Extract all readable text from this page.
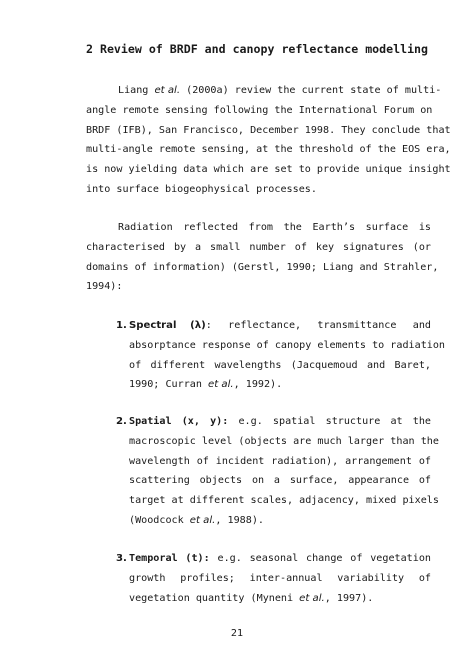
2 Review of BRDF and canopy reflectance modelling
Liang et al. (2000a) review the current state of multi-
angle remote sensing following the International Forum on
BRDF (IFB), San Francisco, December 1998. They conclude that
multi-angle remote sensing, at the threshold of the EOS era,
is now yielding data which are set to provide unique insight
into surface biogeophysical processes.
Radiation reflected from the Earth’s surface is
characterised by a small number of key signatures (or
domains of information) (Gerstl, 1990; Liang and Strahler,
1994):
1. Spectral (λ): reflectance, transmittance and
absorptance response of canopy elements to radiation
of different wavelengths (Jacquemoud and Baret,
1990; Curran et al., 1992).
2. Spatial (x, y): e.g. spatial structure at the
macroscopic level (objects are much larger than the
wavelength of incident radiation), arrangement of
scattering objects on a surface, appearance of
target at different scales, adjacency, mixed pixels
(Woodcock et al., 1988).
3. Temporal (t): e.g. seasonal change of vegetation
growth profiles; inter-annual variability of
vegetation quantity (Myneni et al., 1997).
21
